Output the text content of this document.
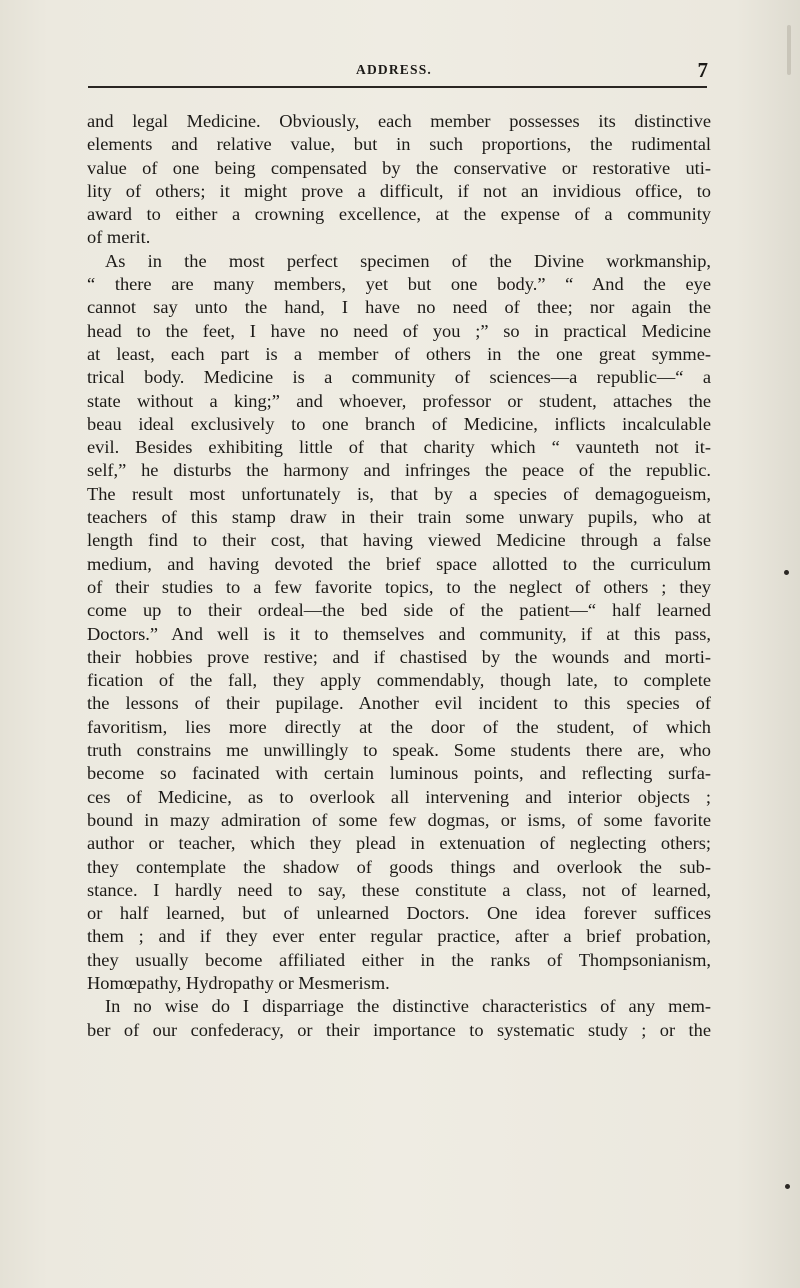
ADDRESS.	7
and legal Medicine. Obviously, each member possesses its distinctive
elements and relative value, but in such proportions, the rudimental
value of one being compensated by the conservative or restorative uti-
lity of others; it might prove a difficult, if not an invidious office, to
award to either a crowning excellence, at the expense of a community
of merit.
As in the most perfect specimen of the Divine workmanship,
“ there are many members, yet but one body.” “ And the eye
cannot say unto the hand, I have no need of thee; nor again the
head to the feet, I have no need of you ;” so in practical Medicine
at least, each part is a member of others in the one great symme-
trical body. Medicine is a community of sciences—a republic—“ a
state without a king;” and whoever, professor or student, attaches the
beau ideal exclusively to one branch of Medicine, inflicts incalculable
evil. Besides exhibiting little of that charity which “ vaunteth not it-
self,” he disturbs the harmony and infringes the peace of the republic.
The result most unfortunately is, that by a species of demagogueism,
teachers of this stamp draw in their train some unwary pupils, who at
length find to their cost, that having viewed Medicine through a false
medium, and having devoted the brief space allotted to the curriculum
of their studies to a few favorite topics, to the neglect of others ; they
come up to their ordeal—the bed side of the patient—“ half learned
Doctors.” And well is it to themselves and community, if at this pass,
their hobbies prove restive; and if chastised by the wounds and morti-
fication of the fall, they apply commendably, though late, to complete
the lessons of their pupilage. Another evil incident to this species of
favoritism, lies more directly at the door of the student, of which
truth constrains me unwillingly to speak. Some students there are, who
become so facinated with certain luminous points, and reflecting surfa-
ces of Medicine, as to overlook all intervening and interior objects ;
bound in mazy admiration of some few dogmas, or isms, of some favorite
author or teacher, which they plead in extenuation of neglecting others;
they contemplate the shadow of goods things and overlook the sub-
stance. I hardly need to say, these constitute a class, not of learned,
or half learned, but of unlearned Doctors. One idea forever suffices
them ; and if they ever enter regular practice, after a brief probation,
they usually become affiliated either in the ranks of Thompsonianism,
Homœpathy, Hydropathy or Mesmerism.
In no wise do I disparriage the distinctive characteristics of any mem-
ber of our confederacy, or their importance to systematic study ; or the
